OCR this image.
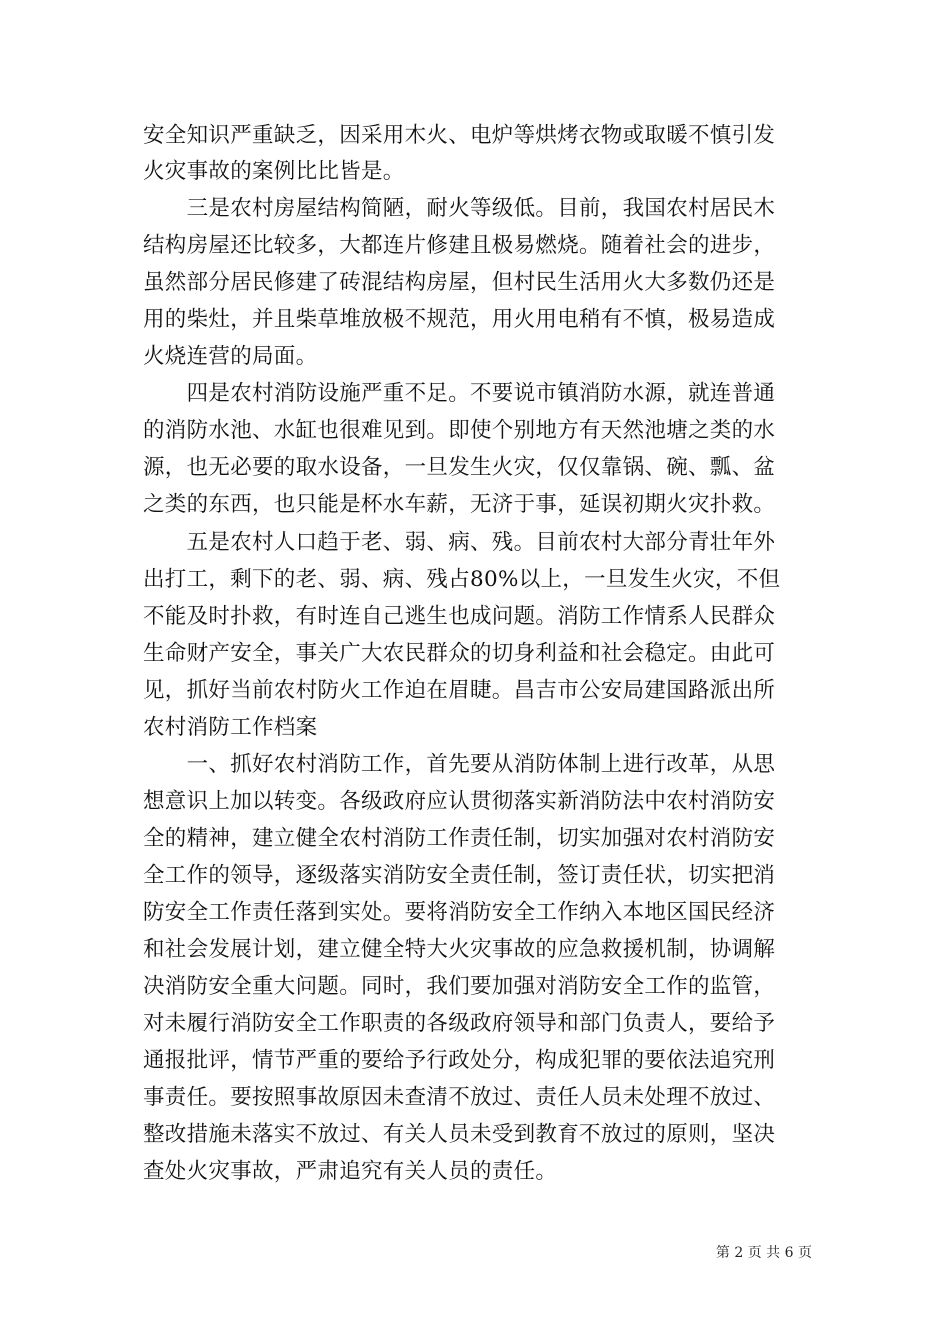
安全知识严重缺乏，因采用木火、电炉等烘烤衣物或取暖不慎引发
火灾事故的案例比比皆是。
　　三是农村房屋结构简陋，耐火等级低。目前，我国农村居民木
结构房屋还比较多，大都连片修建且极易燃烧。随着社会的进步，
虽然部分居民修建了砖混结构房屋，但村民生活用火大多数仍还是
用的柴灶，并且柴草堆放极不规范，用火用电稍有不慎，极易造成
火烧连营的局面。
　　四是农村消防设施严重不足。不要说市镇消防水源，就连普通
的消防水池、水缸也很难见到。即使个别地方有天然池塘之类的水
源，也无必要的取水设备，一旦发生火灾，仅仅靠锅、碗、瓢、盆
之类的东西，也只能是杯水车薪，无济于事，延误初期火灾扑救。
　　五是农村人口趋于老、弱、病、残。目前农村大部分青壮年外
出打工，剩下的老、弱、病、残占80%以上，一旦发生火灾，不但
不能及时扑救，有时连自己逃生也成问题。消防工作情系人民群众
生命财产安全，事关广大农民群众的切身利益和社会稳定。由此可
见，抓好当前农村防火工作迫在眉睫。昌吉市公安局建国路派出所
农村消防工作档案
　　一、抓好农村消防工作，首先要从消防体制上进行改革，从思
想意识上加以转变。各级政府应认贯彻落实新消防法中农村消防安
全的精神，建立健全农村消防工作责任制，切实加强对农村消防安
全工作的领导，逐级落实消防安全责任制，签订责任状，切实把消
防安全工作责任落到实处。要将消防安全工作纳入本地区国民经济
和社会发展计划，建立健全特大火灾事故的应急救援机制，协调解
决消防安全重大问题。同时，我们要加强对消防安全工作的监管，
对未履行消防安全工作职责的各级政府领导和部门负责人，要给予
通报批评，情节严重的要给予行政处分，构成犯罪的要依法追究刑
事责任。要按照事故原因未查清不放过、责任人员未处理不放过、
整改措施未落实不放过、有关人员未受到教育不放过的原则，坚决
查处火灾事故，严肃追究有关人员的责任。
第 2 页 共 6 页
